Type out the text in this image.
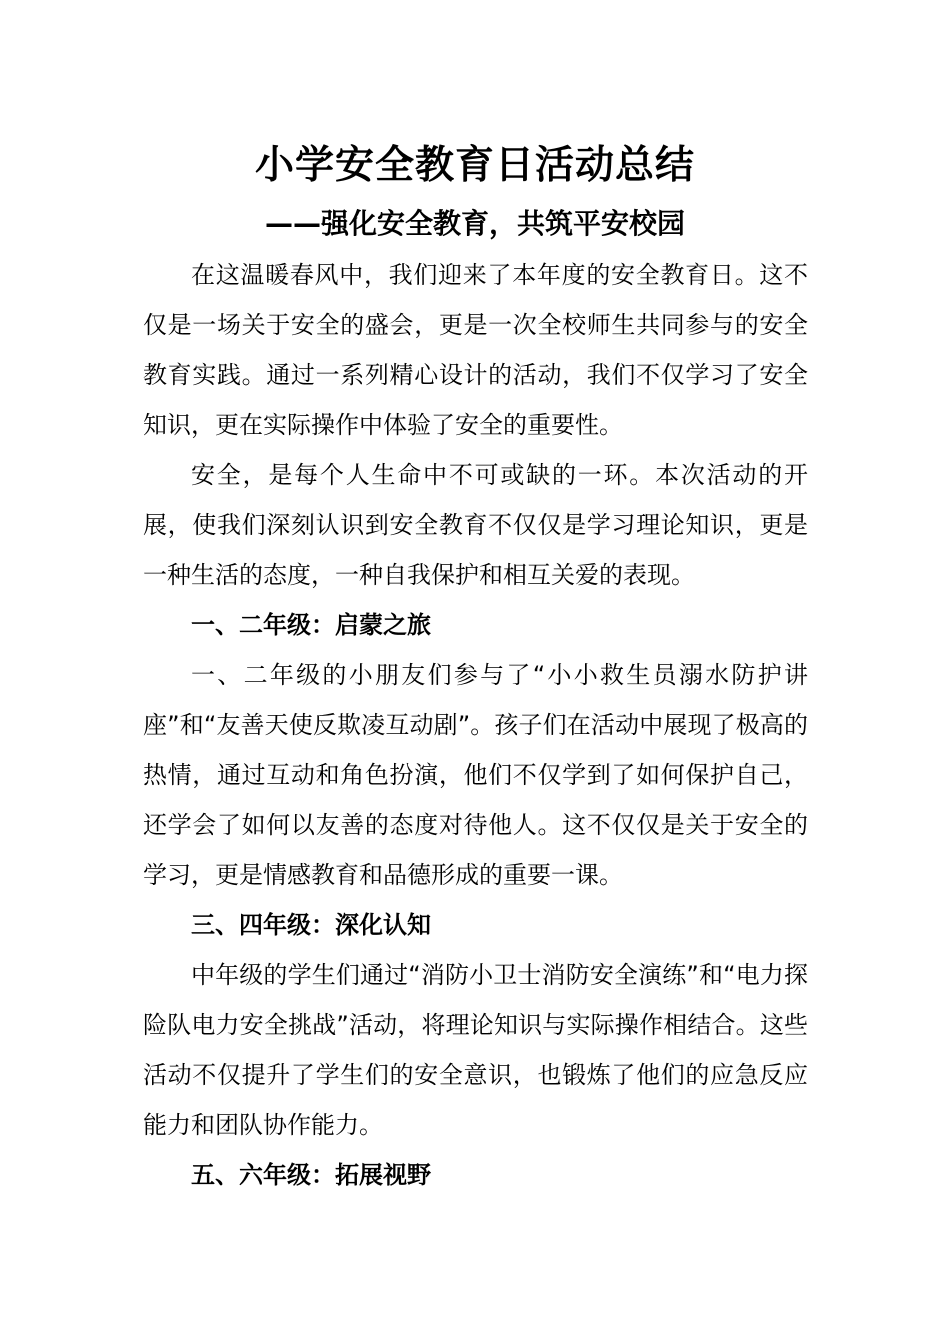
小学安全教育日活动总结
——强化安全教育，共筑平安校园

在这温暖春风中，我们迎来了本年度的安全教育日。这不仅是一场关于安全的盛会，更是一次全校师生共同参与的安全教育实践。通过一系列精心设计的活动，我们不仅学习了安全知识，更在实际操作中体验了安全的重要性。

安全，是每个人生命中不可或缺的一环。本次活动的开展，使我们深刻认识到安全教育不仅仅是学习理论知识，更是一种生活的态度，一种自我保护和相互关爱的表现。

一、二年级：启蒙之旅

一、二年级的小朋友们参与了“小小救生员溺水防护讲座”和“友善天使反欺凌互动剧”。孩子们在活动中展现了极高的热情，通过互动和角色扮演，他们不仅学到了如何保护自己，还学会了如何以友善的态度对待他人。这不仅仅是关于安全的学习，更是情感教育和品德形成的重要一课。

三、四年级：深化认知

中年级的学生们通过“消防小卫士消防安全演练”和“电力探险队电力安全挑战”活动，将理论知识与实际操作相结合。这些活动不仅提升了学生们的安全意识，也锻炼了他们的应急反应能力和团队协作能力。

五、六年级：拓展视野
